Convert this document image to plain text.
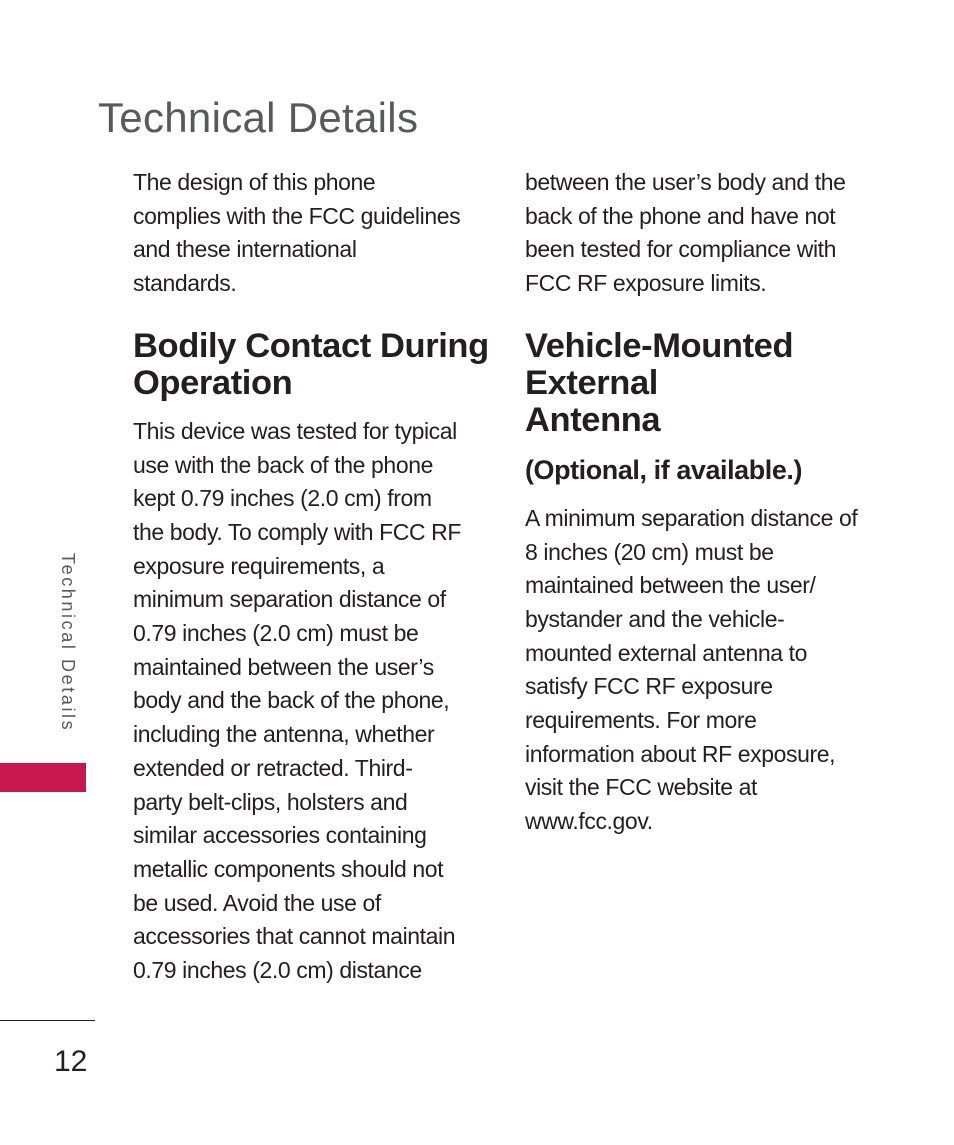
Technical Details

The design of this phone
complies with the FCC guidelines
and these international
standards.

Bodily Contact During
Operation

This device was tested for typical
use with the back of the phone
kept 0.79 inches (2.0 cm) from
the body. To comply with FCC RF
exposure requirements, a
minimum separation distance of
0.79 inches (2.0 cm) must be
maintained between the user’s
body and the back of the phone,
including the antenna, whether
extended or retracted. Third-
party belt-clips, holsters and
similar accessories containing
metallic components should not
be used. Avoid the use of
accessories that cannot maintain
0.79 inches (2.0 cm) distance

between the user’s body and the
back of the phone and have not
been tested for compliance with
FCC RF exposure limits.

Vehicle-Mounted External
Antenna
(Optional, if available.)

A minimum separation distance of
8 inches (20 cm) must be
maintained between the user/
bystander and the vehicle-
mounted external antenna to
satisfy FCC RF exposure
requirements. For more
information about RF exposure,
visit the FCC website at
www.fcc.gov.

Technical Details
12
